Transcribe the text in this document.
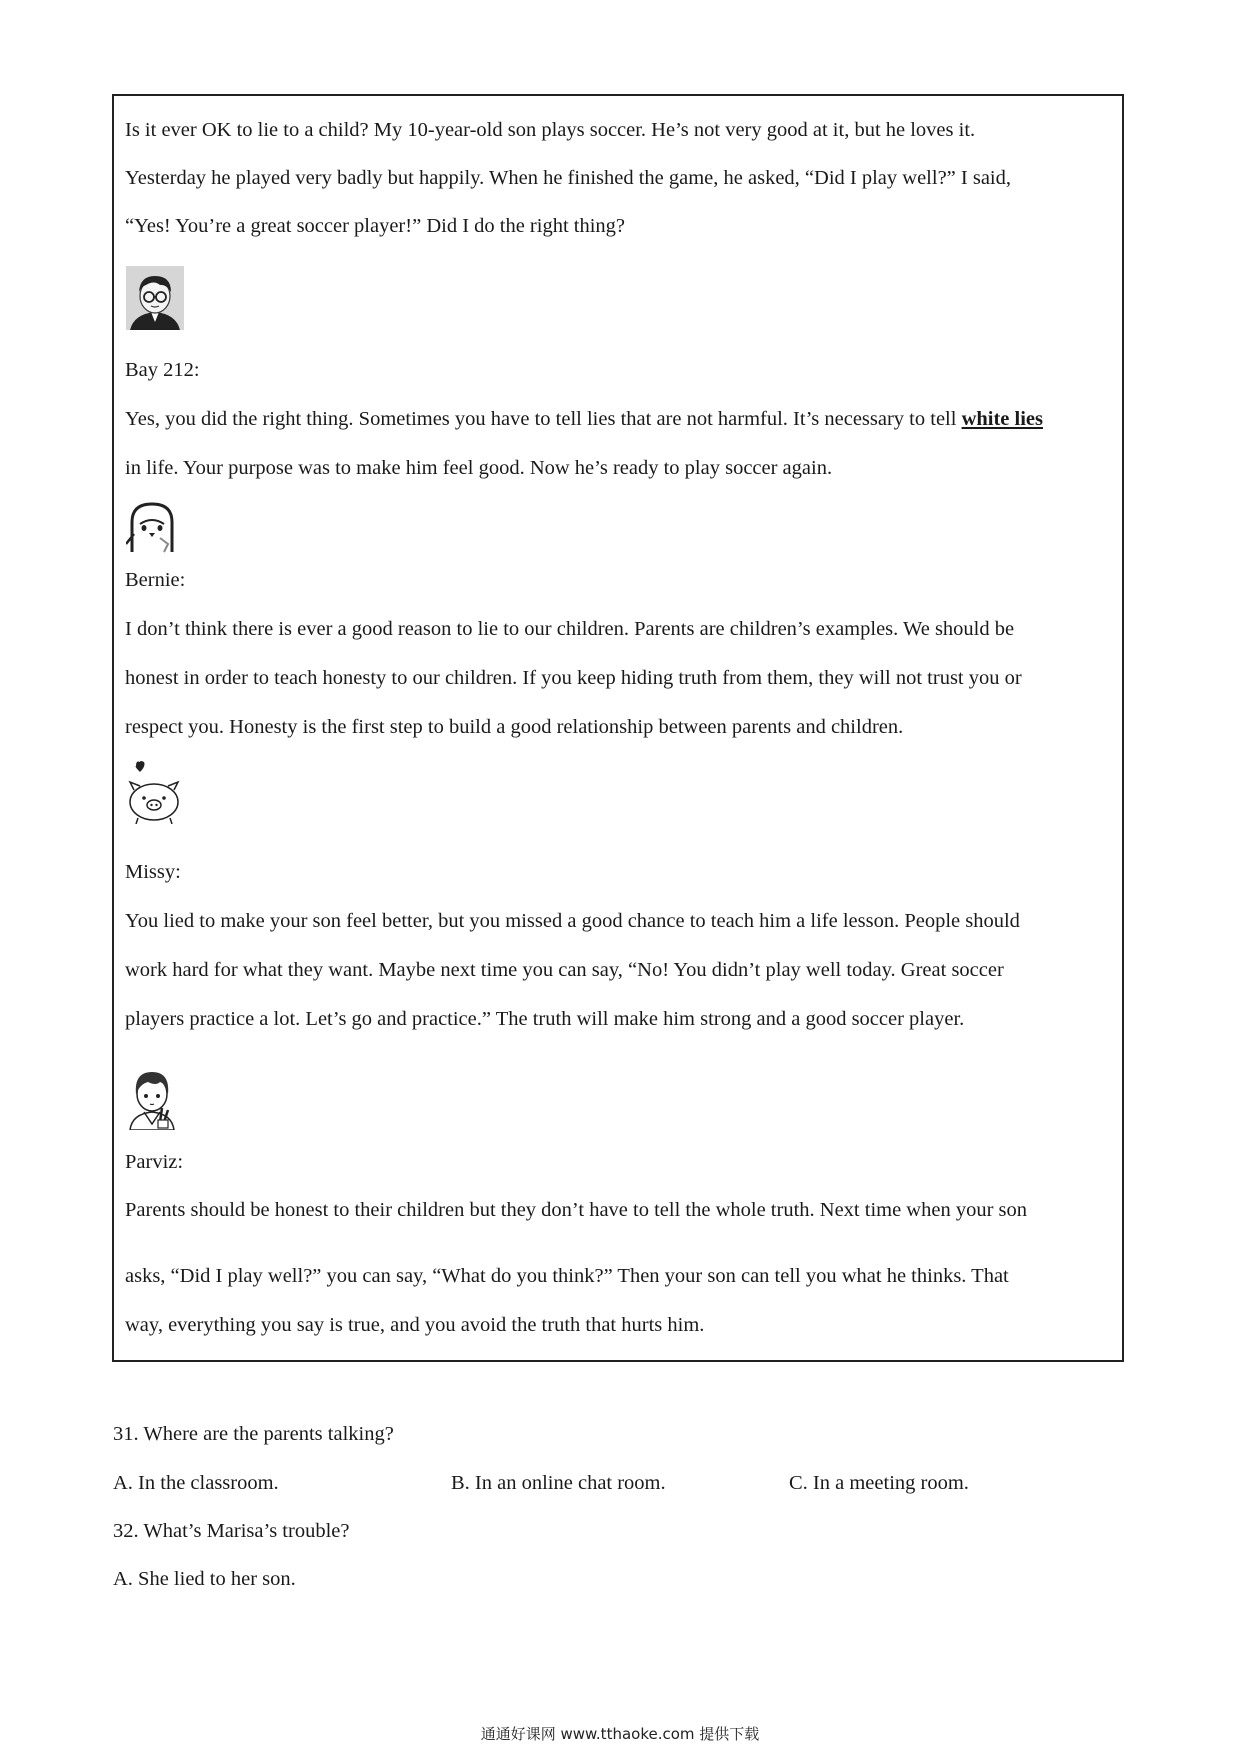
Is it ever OK to lie to a child? My 10-year-old son plays soccer. He’s not very good at it, but he loves it.
Yesterday he played very badly but happily. When he finished the game, he asked, “Did I play well?” I said,
“Yes! You’re a great soccer player!” Did I do the right thing?
Bay 212:
Yes, you did the right thing. Sometimes you have to tell lies that are not harmful. It’s necessary to tell white lies
in life. Your purpose was to make him feel good. Now he’s ready to play soccer again.
Bernie:
I don’t think there is ever a good reason to lie to our children. Parents are children’s examples. We should be
honest in order to teach honesty to our children. If you keep hiding truth from them, they will not trust you or
respect you. Honesty is the first step to build a good relationship between parents and children.
Missy:
You lied to make your son feel better, but you missed a good chance to teach him a life lesson. People should
work hard for what they want. Maybe next time you can say, “No! You didn’t play well today. Great soccer
players practice a lot. Let’s go and practice.” The truth will make him strong and a good soccer player.
Parviz:
Parents should be honest to their children but they don’t have to tell the whole truth. Next time when your son
asks, “Did I play well?” you can say, “What do you think?” Then your son can tell you what he thinks. That
way, everything you say is true, and you avoid the truth that hurts him.
31. Where are the parents talking?
A. In the classroom.	B. In an online chat room.	C. In a meeting room.
32. What’s Marisa’s trouble?
A. She lied to her son.
通通好课网 www.tthaoke.com 提供下载
